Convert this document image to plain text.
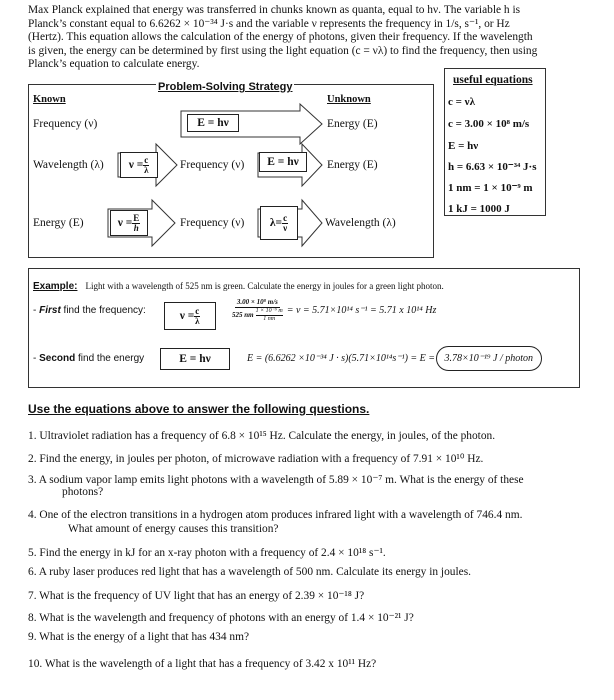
Max Planck explained that energy was transferred in chunks known as quanta, equal to hν. The variable h is
Planck’s constant equal to 6.6262 × 10⁻³⁴ J·s and the variable ν represents the frequency in 1/s, s⁻¹, or Hz
(Hertz). This equation allows the calculation of the energy of photons, given their frequency. If the wavelength
is given, the energy can be determined by first using the light equation (c = νλ) to find the frequency, then using
Planck’s equation to calculate energy.
Problem-Solving Strategy
Known	Unknown
Frequency (ν)	E = hν	Energy (E)
Wavelength (λ) $\nu = \frac{c}{\lambda}$	Frequency (ν)	E = hν	Energy (E)
Energy (E)	$\nu = \frac{E}{h}$	Frequency (ν) $\lambda= \frac{c}{\nu}$	Wavelength (λ)
useful equations
c = νλ
c = 3.00 × 10⁸ m/s
E = hν
h = 6.63 × 10⁻³⁴ J·s
1 nm = 1 × 10⁻⁹ m
1 kJ = 1000 J
Example: Light with a wavelength of 525 nm is green. Calculate the energy in joules for a green light photon.
- First find the frequency:	$\nu = \frac{c}{\lambda}$	3.00 × 10⁸ m/s
525 nm 1 × 10⁻⁹ m
1 nm = ν = 5.71×10¹⁴ s⁻¹ = 5.71 x 10¹⁴ Hz
- Second find the energy	E = hν	E = (6.6262 ×10⁻³⁴ J · s)(5.71×10¹⁴s⁻¹) = E = 3.78×10⁻¹⁹ J / photon
Use the equations above to answer the following questions.
1. Ultraviolet radiation has a frequency of 6.8 × 10¹⁵ Hz. Calculate the energy, in joules, of the photon.
2. Find the energy, in joules per photon, of microwave radiation with a frequency of 7.91 × 10¹⁰ Hz.
3. A sodium vapor lamp emits light photons with a wavelength of 5.89 × 10⁻⁷ m. What is the energy of these
photons?
4. One of the electron transitions in a hydrogen atom produces infrared light with a wavelength of 746.4 nm.
What amount of energy causes this transition?
5. Find the energy in kJ for an x-ray photon with a frequency of 2.4 × 10¹⁸ s⁻¹.
6. A ruby laser produces red light that has a wavelength of 500 nm. Calculate its energy in joules.
7. What is the frequency of UV light that has an energy of 2.39 × 10⁻¹⁸ J?
8. What is the wavelength and frequency of photons with an energy of 1.4 × 10⁻²¹ J?
9. What is the energy of a light that has 434 nm?
10. What is the wavelength of a light that has a frequency of 3.42 x 10¹¹ Hz?
